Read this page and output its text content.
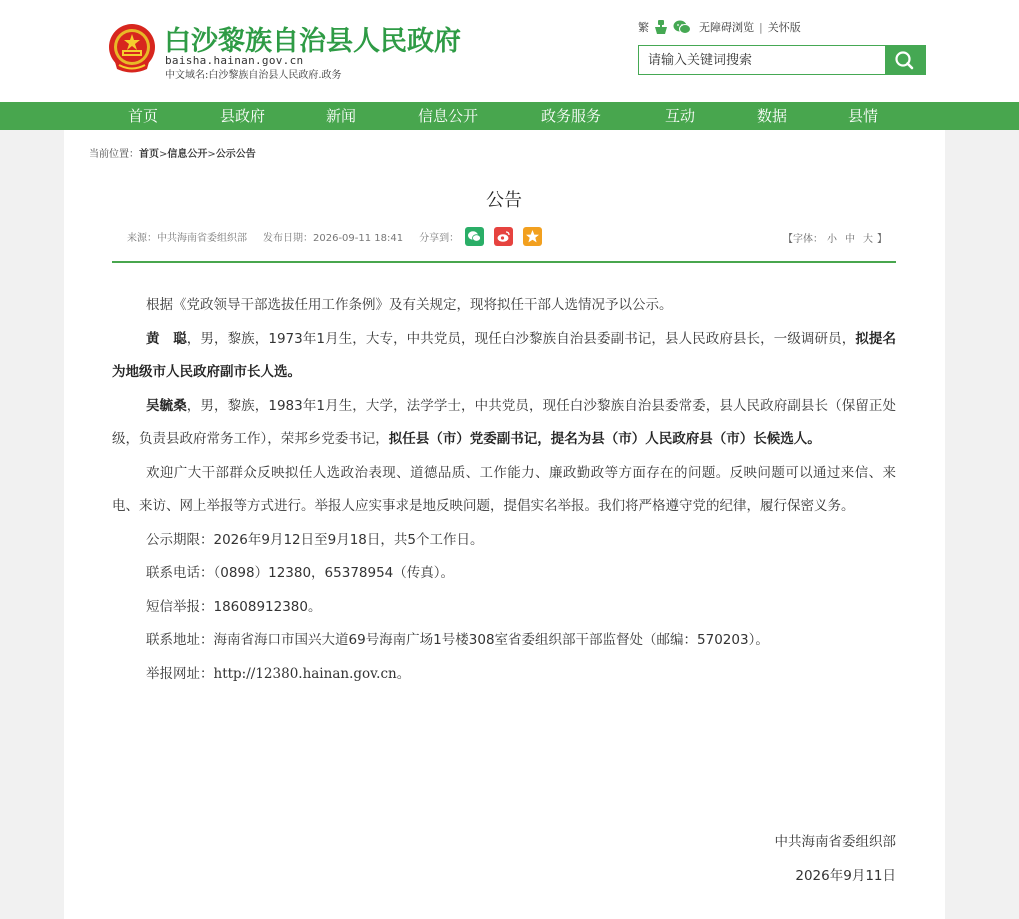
白沙黎族自治县人民政府
baisha.hainan.gov.cn
中文域名:白沙黎族自治县人民政府.政务
繁	无障碍浏览 | 关怀版
请输入关键词搜索
首页	县政府	新闻	信息公开	政务服务	互动	数据	县情
当前位置：首页>信息公开>公示公告
公告
来源：中共海南省委组织部 发布日期：2026-09-11 18:41 分享到：	【字体： 小 中 大 】

根据《党政领导干部选拔任用工作条例》及有关规定，现将拟任干部人选情况予以公示。

黄　聪，男，黎族，1973年1月生，大专，中共党员，现任白沙黎族自治县委副书记，县人民政府县长，一级调研员，拟提名为地级市人民政府副市长人选。

吴毓桑，男，黎族，1983年1月生，大学，法学学士，中共党员，现任白沙黎族自治县委常委，县人民政府副县长（保留正处级，负责县政府常务工作），荣邦乡党委书记，拟任县（市）党委副书记，提名为县（市）人民政府县（市）长候选人。

欢迎广大干部群众反映拟任人选政治表现、道德品质、工作能力、廉政勤政等方面存在的问题。反映问题可以通过来信、来电、来访、网上举报等方式进行。举报人应实事求是地反映问题，提倡实名举报。我们将严格遵守党的纪律，履行保密义务。

公示期限：2026年9月12日至9月18日，共5个工作日。

联系电话：（0898）12380，65378954（传真）。

短信举报：18608912380。

联系地址：海南省海口市国兴大道69号海南广场1号楼308室省委组织部干部监督处（邮编：570203）。

举报网址：http://12380.hainan.gov.cn。

中共海南省委组织部
2026年9月11日
